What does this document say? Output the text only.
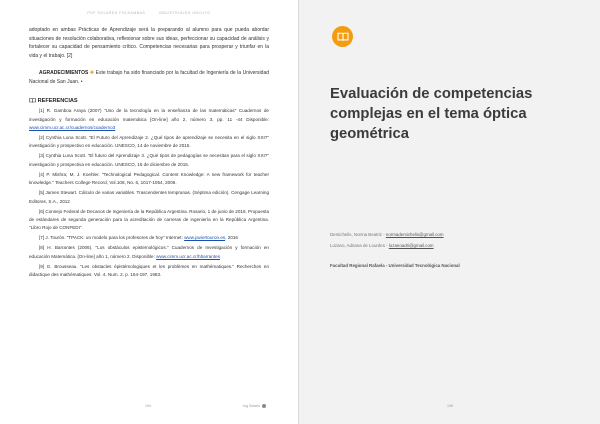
PDF SOLARES FOLKAMBAS	INDUSTRIALES UNCUYO

adoptado en ambas Prácticas de Aprendizaje será la preparando al alumno para que pueda abordar situaciones de resolución colaborativa, reflexionar sobre sus ideas, perfeccionar su capacidad de análisis y fortalecer su capacidad de pensamiento crítico. Competencias necesarias para prosperar y triunfar en la vida y el trabajo. [2]

AGRADECIMIENTOS ✺ Este trabajo ha sido financiado por la facultad de Ingeniería de la Universidad Nacional de San Juan. •

REFERENCIAS

[1] R. Gamboa Araya (2007) "Uso de la tecnología en la enseñanza de las matemáticas" Cuadernos de investigación y formación en educación matemática [On-line] año 2, número 3, pp. 11 -44 Disponible: www.cimm.ucr.ac.cr/cuadernos/cuaderno3

[2] Cynthia Luna Scott. "El Futuro del Aprendizaje 2. ¿Qué tipos de aprendizaje se necesita en el siglo XXI?" investigación y prospectivo en educación. UNESCO, 14 de noviembre de 2015.

[3] Cynthia Luna Scott. "El futuro del Aprendizaje 3. ¿Qué tipos de pedagogías se necesitan para el siglo XXI?" investigación y prospectiva en educación. UNESCO, 15 de diciembre de 2015.

[4] P. Mishra; M. J. Koehler. "Technological Pedagogical. Content Knowledge: A new framework for teacher knowledge." Teachers College Record, Vol.108, No. 6, 1017-1054, 2006.

[5] James Stewart. Cálculo de varias variables. Trascendentes tempranas. (Séptima edición). Cengage Learning Editores, S.A., 2012

[6] Consejo Federal de Decanos de Ingeniería de la República Argentina. Rosario, 1 de junio de 2018. Propuesta de estándares de segunda generación para la acreditación de carreras de ingeniería en la República Argentina. "Libro Rojo de CONFEDI".

[7] J. Tourón. "TPACK: un modelo para los profesores de hoy" Internet: www.javiertouron.es, 2016

[8] H. Barrantes (2006). "Los obstáculos epistemológicos." Cuadernos de Investigación y formación en educación Matemática. [On-line] año 1, número 2. Disponible: www.cimm.ucr.ac.cr/hbarrantes

[9] G. Brousseau. "Les obstacles épistémologiques et les problèmes en mathématiques." Recherches en didactique des mathématiques. Vol. 4. Num. 2. p. 164-197, 1983.

194	Ing Solaris
Evaluación de competencias complejas en el tema óptica geométrica
Demichelis, Norma Beatriz - normademichelis@gmail.com
Lozano, Adriana de Lourdes - lozanoadri@gmail.com
Facultad Regional Rafaela - Universidad Tecnológica Nacional
195
